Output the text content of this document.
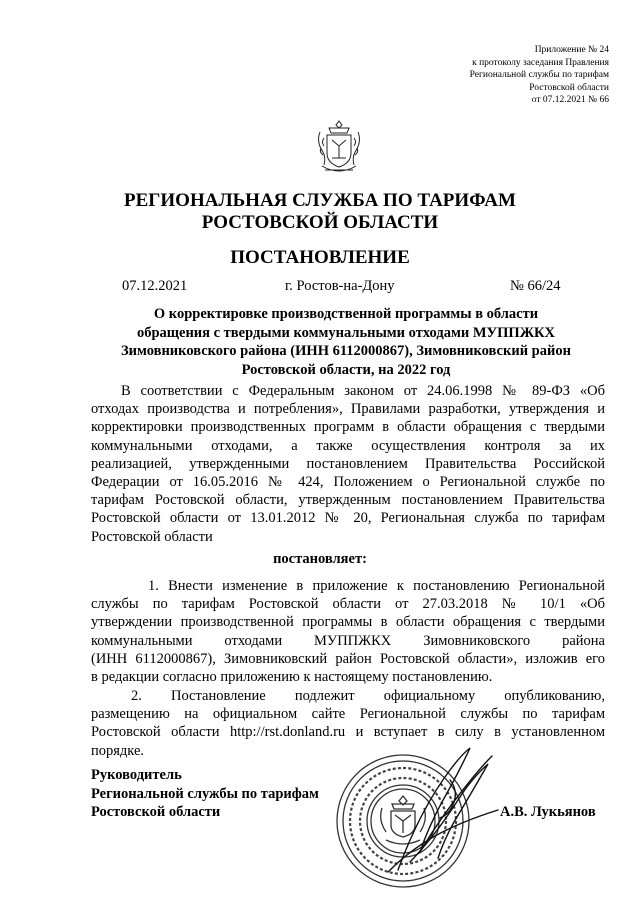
Приложение № 24
к протоколу заседания Правления
Региональной службы по тарифам
Ростовской области
от 07.12.2021 № 66
РЕГИОНАЛЬНАЯ СЛУЖБА ПО ТАРИФАМ
РОСТОВСКОЙ ОБЛАСТИ
ПОСТАНОВЛЕНИЕ
07.12.2021	г. Ростов-на-Дону	№ 66/24
О корректировке производственной программы в области
обращения с твердыми коммунальными отходами МУППЖКХ
Зимовниковского района (ИНН 6112000867), Зимовниковский район
Ростовской области, на 2022 год
В соответствии с Федеральным законом от 24.06.1998 № 89-ФЗ «Об
отходах производства и потребления», Правилами разработки, утверждения и
корректировки производственных программ в области обращения с твердыми
коммунальными отходами, а также осуществления контроля за их
реализацией, утвержденными постановлением Правительства Российской
Федерации от 16.05.2016 № 424, Положением о Региональной службе по
тарифам Ростовской области, утвержденным постановлением Правительства
Ростовской области от 13.01.2012 № 20, Региональная служба по тарифам
Ростовской области
постановляет:
1. Внести изменение в приложение к постановлению Региональной
службы по тарифам Ростовской области от 27.03.2018 № 10/1 «Об
утверждении производственной программы в области обращения с твердыми
коммунальными отходами МУППЖКХ Зимовниковского района
(ИНН 6112000867), Зимовниковский район Ростовской области», изложив его
в редакции согласно приложению к настоящему постановлению.
2. Постановление подлежит официальному опубликованию,
размещению на официальном сайте Региональной службы по тарифам
Ростовской области http://rst.donland.ru и вступает в силу в установленном
порядке.
Руководитель
Региональной службы по тарифам
Ростовской области	А.В. Лукьянов
